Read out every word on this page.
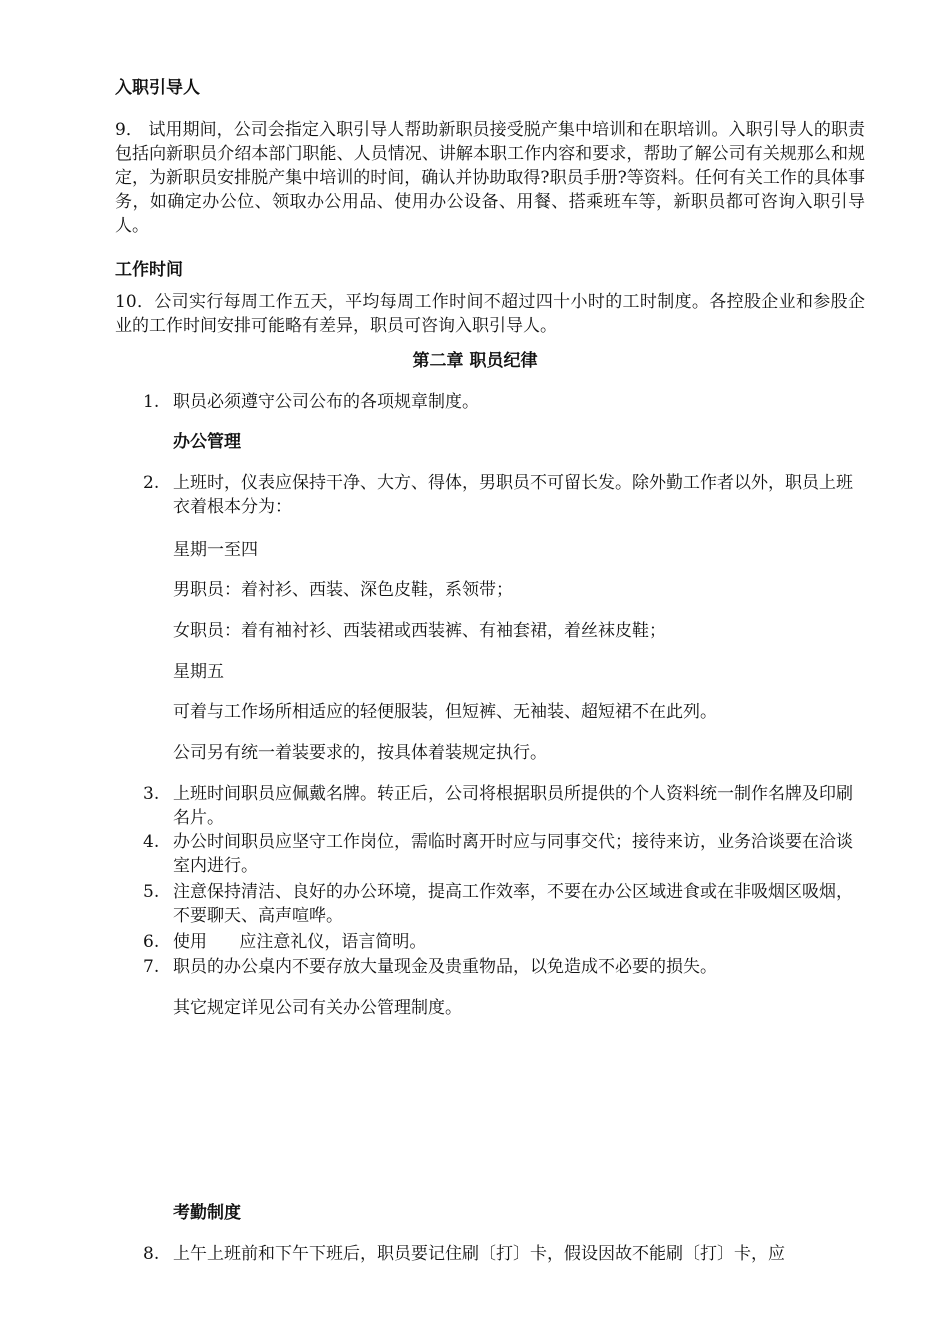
入职引导人
9． 试用期间，公司会指定入职引导人帮助新职员接受脱产集中培训和在职培训。入职引导人的职责包括向新职员介绍本部门职能、人员情况、讲解本职工作内容和要求，帮助了解公司有关规那么和规定，为新职员安排脱产集中培训的时间，确认并协助取得?职员手册?等资料。任何有关工作的具体事务，如确定办公位、领取办公用品、使用办公设备、用餐、搭乘班车等，新职员都可咨询入职引导人。
工作时间
10．公司实行每周工作五天，平均每周工作时间不超过四十小时的工时制度。各控股企业和参股企业的工作时间安排可能略有差异，职员可咨询入职引导人。
第二章 职员纪律
1. 职员必须遵守公司公布的各项规章制度。
办公管理
2. 上班时，仪表应保持干净、大方、得体，男职员不可留长发。除外勤工作者以外，职员上班衣着根本分为：
星期一至四
男职员：着衬衫、西装、深色皮鞋，系领带；
女职员：着有袖衬衫、西装裙或西装裤、有袖套裙，着丝袜皮鞋；
星期五
可着与工作场所相适应的轻便服装，但短裤、无袖装、超短裙不在此列。
公司另有统一着装要求的，按具体着装规定执行。
3. 上班时间职员应佩戴名牌。转正后，公司将根据职员所提供的个人资料统一制作名牌及印刷名片。
4. 办公时间职员应坚守工作岗位，需临时离开时应与同事交代；接待来访，业务洽谈要在洽谈室内进行。
5. 注意保持清洁、良好的办公环境，提高工作效率，不要在办公区域进食或在非吸烟区吸烟，不要聊天、高声喧哗。
6. 使用      应注意礼仪，语言简明。
7. 职员的办公桌内不要存放大量现金及贵重物品，以免造成不必要的损失。
其它规定详见公司有关办公管理制度。
考勤制度
8. 上午上班前和下午下班后，职员要记住刷〔打〕卡，假设因故不能刷〔打〕卡，应
